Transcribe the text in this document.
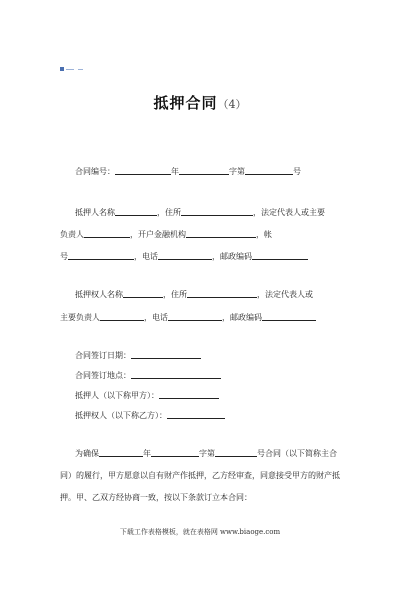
抵押合同（4）
合同编号：	年	字第	号
抵押人名称	，住所	，法定代表人或主要
负责人	，开户金融机构	，帐
号	，电话	，邮政编码
抵押权人名称	，住所	，法定代表人或
主要负责人	，电话	，邮政编码
合同签订日期：
合同签订地点：
抵押人（以下称甲方）：
抵押权人（以下称乙方）：
为确保	年	字第	号合同（以下简称主合
同）的履行，甲方愿意以自有财产作抵押，乙方经审查，同意接受甲方的财产抵
押。甲、乙双方经协商一致，按以下条款订立本合同：
下载工作表格模板，就在表格网 www.biaoge.com
